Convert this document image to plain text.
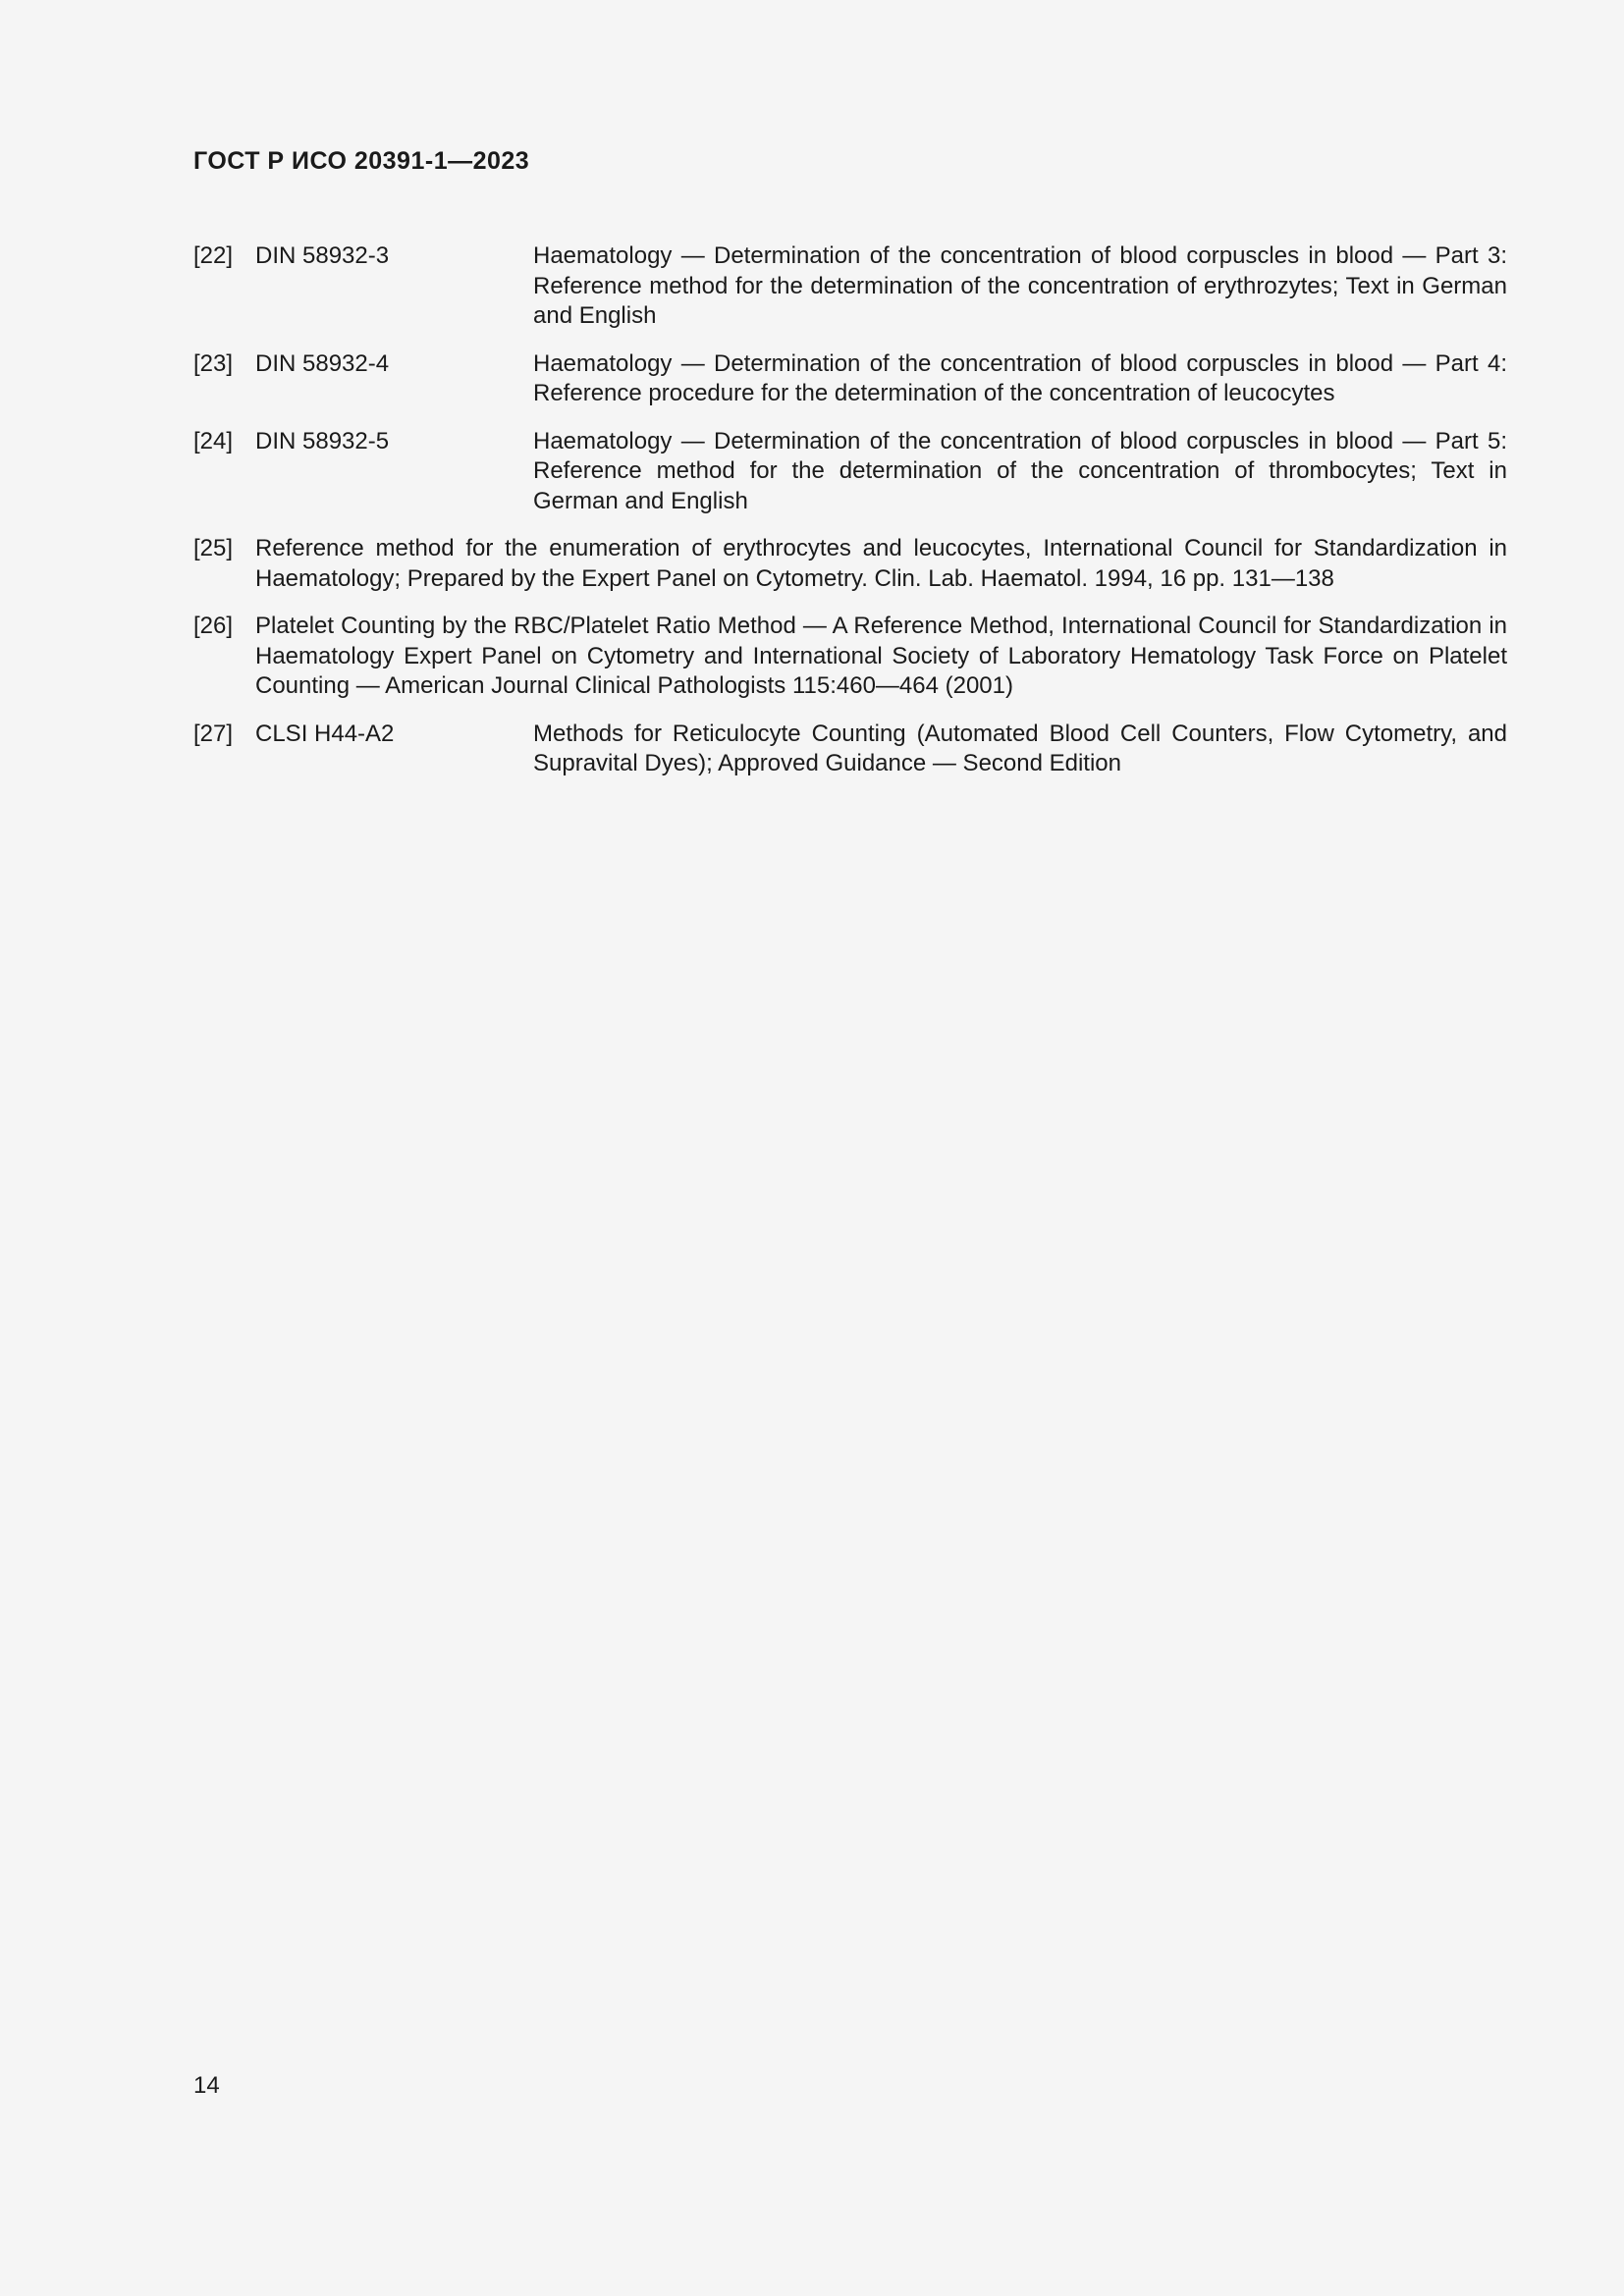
ГОСТ Р ИСО 20391-1—2023
[22] DIN 58932-3	Haematology — Determination of the concentration of blood corpuscles in blood — Part 3: Reference method for the determination of the concentration of erythrozytes; Text in German and English
[23] DIN 58932-4	Haematology — Determination of the concentration of blood corpuscles in blood — Part 4: Reference procedure for the determination of the concentration of leucocytes
[24] DIN 58932-5	Haematology — Determination of the concentration of blood corpuscles in blood — Part 5: Reference method for the determination of the concentration of thrombocytes; Text in German and English
[25] Reference method for the enumeration of erythrocytes and leucocytes, International Council for Standardization in Haematology; Prepared by the Expert Panel on Cytometry. Clin. Lab. Haematol. 1994, 16 pp. 131—138
[26] Platelet Counting by the RBC/Platelet Ratio Method — A Reference Method, International Council for Standardization in Haematology Expert Panel on Cytometry and International Society of Laboratory Hematology Task Force on Platelet Counting — American Journal Clinical Pathologists 115:460—464 (2001)
[27] CLSI H44-A2	Methods for Reticulocyte Counting (Automated Blood Cell Counters, Flow Cytometry, and Supravital Dyes); Approved Guidance — Second Edition
14
